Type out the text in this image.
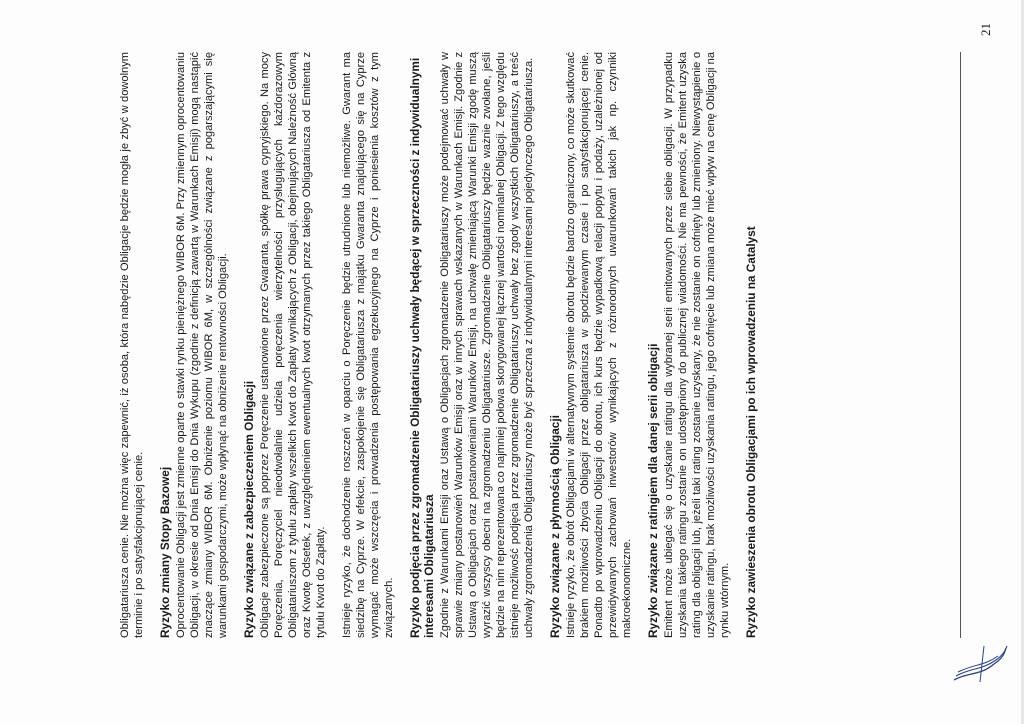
Obligatariusza cenie. Nie można więc zapewnić, iż osoba, która nabędzie Obligacje będzie mogła je zbyć w dowolnym terminie i po satysfakcjonującej cenie. Ryzyko zmiany Stopy Bazowej Oprocentowanie Obligacji jest zmienne oparte o stawki rynku pieniężnego WIBOR 6M. Przy zmiennym oprocentowaniu Obligacji, w okresie od Dnia Emisji do Dnia Wykupu (zgodnie z definicją zawartą w Warunkach Emisji) mogą nastąpić znaczące zmiany WIBOR 6M. Obniżenie poziomu WIBOR 6M, w szczególności związane z pogarszającymi się warunkami gospodarczymi, może wpłynąć na obniżenie rentowności Obligacji. Ryzyko związane z zabezpieczeniem Obligacji Obligacje zabezpieczone są poprzez Poręczenie ustanowione przez Gwaranta, spółkę prawa cypryjskiego. Na mocy Poręczenia, Poręczyciel nieodwołalnie udziela poręczenia wierzytelności przysługujących każdorazowym Obligatariuszom z tytułu zapłaty wszelkich Kwot do Zapłaty wynikających z Obligacji, obejmujących Należność Główną oraz Kwotę Odsetek, z uwzględnieniem ewentualnych kwot otrzymanych przez takiego Obligatariusza od Emitenta z tytułu Kwot do Zapłaty. Istnieje ryzyko, że dochodzenie roszczeń w oparciu o Poręczenie będzie utrudnione lub niemożliwe. Gwarant ma siedzibę na Cyprze. W efekcie, zaspokojenie się Obligatariusza z majątku Gwaranta znajdującego się na Cyprze wymagać może wszczęcia i prowadzenia postępowania egzekucyjnego na Cyprze i poniesienia kosztów z tym związanych. Ryzyko podjęcia przez zgromadzenie Obligatariuszy uchwały będącej w sprzeczności z indywidualnymi interesami Obligatariusza Zgodnie z Warunkami Emisji oraz Ustawą o Obligacjach zgromadzenie Obligatariuszy może podejmować uchwały w sprawie zmiany postanowień Warunków Emisji oraz w innych sprawach wskazanych w Warunkach Emisji. Zgodnie z Ustawą o Obligacjach oraz postanowieniami Warunków Emisji, na uchwałę zmieniającą Warunki Emisji zgodę muszą wyrazić wszyscy obecni na zgromadzeniu Obligatariusze. Zgromadzenie Obligatariuszy będzie ważnie zwołane, jeśli będzie na nim reprezentowana co najmniej połowa skorygowanej łącznej wartości nominalnej Obligacji. Z tego względu istnieje możliwość podjęcia przez zgromadzenie Obligatariuszy uchwały bez zgody wszystkich Obligatariuszy, a treść uchwały zgromadzenia Obligatariuszy może być sprzeczna z indywidualnymi interesami pojedynczego Obligatariusza. Ryzyko związane z płynnością Obligacji Istnieje ryzyko, że obrót Obligacjami w alternatywnym systemie obrotu będzie bardzo ograniczony, co może skutkować brakiem możliwości zbycia Obligacji przez obligatariusza w spodziewanym czasie i po satysfakcjonującej cenie. Ponadto po wprowadzeniu Obligacji do obrotu, ich kurs będzie wypadkową relacji popytu i podaży, uzależnionej od przewidywanych zachowań inwestorów wynikających z różnorodnych uwarunkowań takich jak np. czynniki makroekonomiczne. Ryzyko związane z ratingiem dla danej serii obligacji Emitent może ubiegać się o uzyskanie ratingu dla wybranej serii emitowanych przez siebie obligacji. W przypadku uzyskania takiego ratingu zostanie on udostępniony do publicznej wiadomości. Nie ma pewności, że Emitent uzyska rating dla obligacji lub, jeżeli taki rating zostanie uzyskany, że nie zostanie on cofnięty lub zmieniony. Niewystąpienie o uzyskanie ratingu, brak możliwości uzyskania ratingu, jego cofnięcie lub zmiana może mieć wpływ na cenę Obligacji na rynku wtórnym. Ryzyko zawieszenia obrotu Obligacjami po ich wprowadzeniu na Catalyst
21
